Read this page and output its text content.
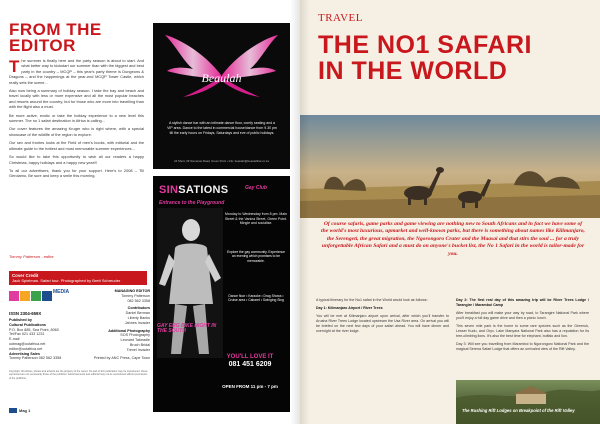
FROM THE
EDITOR

The summer is finally here and the party season is about to start. And what better way to kickstart our summer than with the biggest and best party in the country – MCQP – this year's party theme is Dungeons & Dragons – and the happenings at the year-end MCQP Tower Castle, which really sets the scene...

Also now being a summary of holiday season. I take the bay and beach and travel locally with less or more expensive and all the most popular beaches and resorts around the country, but for those who are more into travelling than with the flight also a must.

Be more active, exotic or take the holiday experience to a new level this summer. The no 1 safari destination in Africa is calling...

Our cover features the amazing Kruger who is right where, with a special showcase of the wildlife of the region to explore.

Our sex and frontes looks at the Field of men's books, with editorial and the ultimate guide to the hottest and most memorable summer experiences...

So would like to take this opportunity to wish all our readers a happy Christmas, happy holidays and a happy new year!!!

To all our advertisers, thank you for your support. Here's to 2008 – Till Gerolamo, Be sure and keep a smile this morning.

Tommy Patterson - editor
Cover Credit
Jack Spielman. Safari tour. Photographed by Brett Schreuder
MEDIA
ISSN 2304-659X
Published by
Cultural Publications
P.O. Box 885, Sea Point, 8060
Tel/Fax 021 433 1231
E-mail
outmag@outafrica.net
editor@outafrica.net
Advertising Sales
Tommy Patterson 082 562 3358
MANAGING EDITOR
Tommy Patterson
082 562 3358
Contributors
Daniel Berman
Liberty Banks
Jahnes Invader
Additional Photography
SOS Photography
Leonard Tabeadle
Bruch Bridal
Trevel Invader
Printed by ANC Press, Cape Town
Copyright. All articles, photos and artwork are the property of the owner. No part of this publication may be reproduced. Views expressed are not necessarily those of the publisher. Advertisements and editorial may not be reproduced without permission of the publisher.
Mag 1
Beaulah
A stylish dance bar with an intimate dance floor, comfy seating and a VIP area. Dance to the latest in commercial house/dance from 9.30 pm till the early hours on Fridays, Saturdays and eve of public holidays.
24 Short, 29 Somerset Road, Green Point • Info: beaulah@beaulahbar.co.za
SINSATIONS	Gay Club
Entrance to the Playground
Monday to Wednesday from 8 pm. Main Street & the Vanina Street, Green Point. Mingle and socialise.
Explore the gay community. Experience an evening which promises to be memorable.
Dance floor • Karaoke • Drag Shows • Cruise area • Cabaret • Swinging Sing
GAY ERG BIKE NIGHT IN THE SOUTH
YOU'LL LOVE IT
081 451 6209
OPEN FROM 11 pm - 7 pm
TRAVEL
THE NO1 SAFARI
IN THE WORLD
Of course safaris, game parks and game viewing are nothing new to South Africans and in fact we have some of the world's most luxurious, upmarket and well-known parks, but there is something about names like Kilimanjaro, the Serengeti, the great migration, the Ngorongoro Crater and the Maasai and that stirs the soul ... for a truly unforgettable African Safari and a must do on anyone's bucket list, the No 1 Safari in the world is tailor-made for you.

A typical itinerary for the No1 safari in the World would look as follows:

Day 1: Kilimanjaro Airport / River Trees

You will be met at Kilimanjaro airport upon arrival, after which you'll transfer to Arusha River Trees Lodge located upstream the Usa River area. On arrival you will be briefed on the next few days of your safari ahead. You will have dinner and overnight at the river lodge.

Day 2: The first real day of this amazing trip will be River Trees Lodge / Tarangire / Maramboi Camp

After breakfast you will make your way by road, to Tarangire National Park where you'll enjoy a full day game drive and then a picnic lunch.

This seven mile park is the home to some rare species such as the Gerenuk, Lesser Kudu, and Oryx. Lake Manyara National Park also has a reputation for its tree-climbing lions. It's also the best time for elephant, buffalo and lion.

Day 3: Will see you travelling from Maramboi to Ngorongoro National Park and the magical Serena Safari Lodge that offers an unrivaled view of the Rift Valley.

The Rushing Rift Lodges on Breakpoint of the Rift Valley
